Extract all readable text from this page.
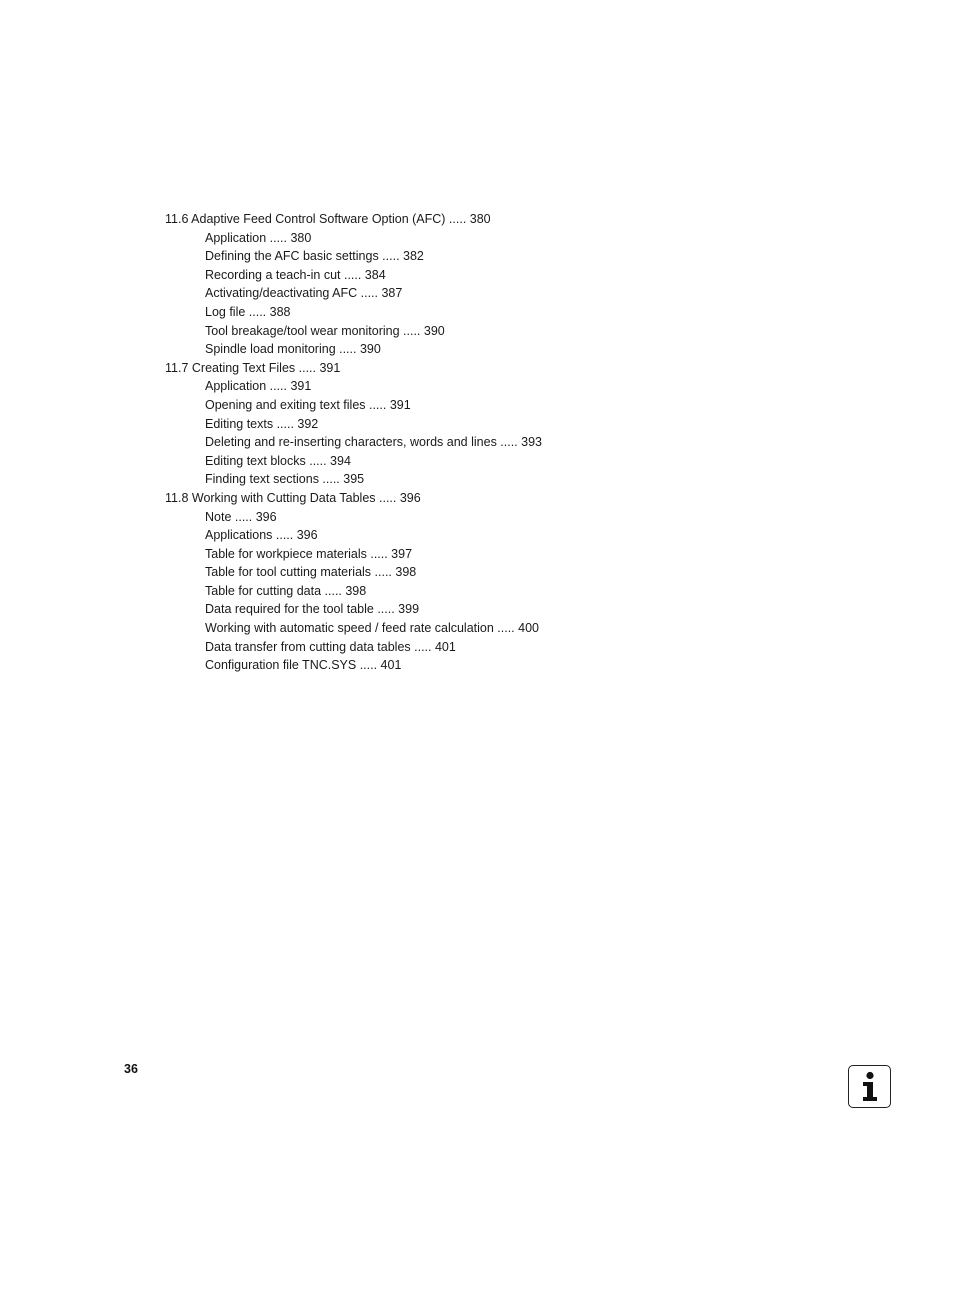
11.6 Adaptive Feed Control Software Option (AFC) ..... 380
Application ..... 380
Defining the AFC basic settings ..... 382
Recording a teach-in cut ..... 384
Activating/deactivating AFC ..... 387
Log file ..... 388
Tool breakage/tool wear monitoring ..... 390
Spindle load monitoring ..... 390
11.7 Creating Text Files ..... 391
Application ..... 391
Opening and exiting text files ..... 391
Editing texts ..... 392
Deleting and re-inserting characters, words and lines ..... 393
Editing text blocks ..... 394
Finding text sections ..... 395
11.8 Working with Cutting Data Tables ..... 396
Note ..... 396
Applications ..... 396
Table for workpiece materials ..... 397
Table for tool cutting materials ..... 398
Table for cutting data ..... 398
Data required for the tool table ..... 399
Working with automatic speed / feed rate calculation ..... 400
Data transfer from cutting data tables ..... 401
Configuration file TNC.SYS ..... 401
36
